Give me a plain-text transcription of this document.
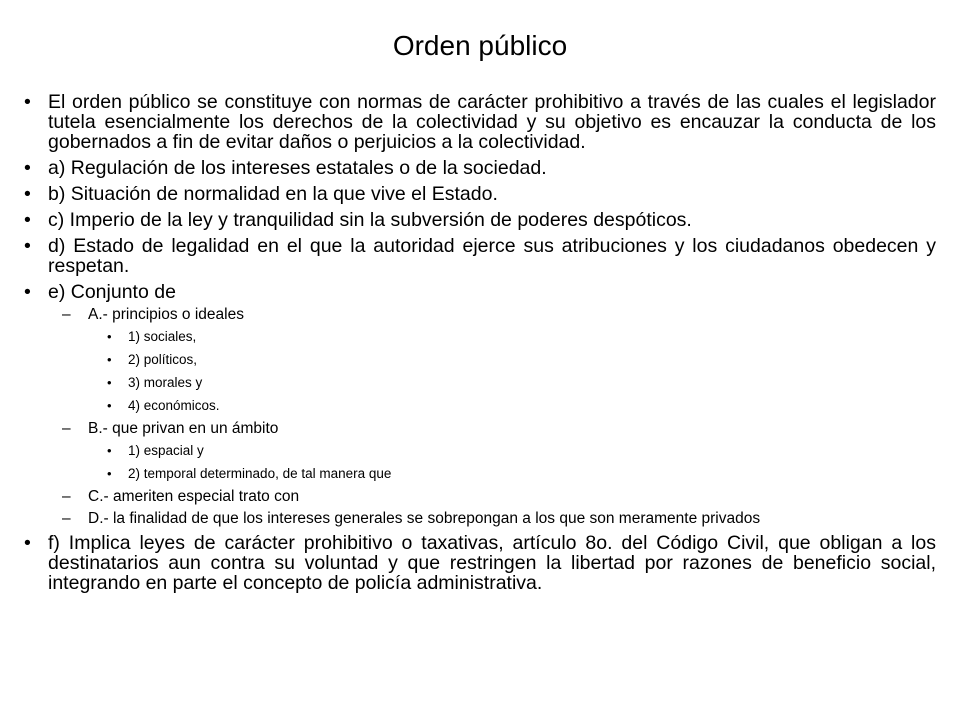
Orden público
• El orden público se constituye con normas de carácter prohibitivo a través de las cuales el legislador tutela esencialmente los derechos de la colectividad y su objetivo es encauzar la conducta de los gobernados a fin de evitar daños o perjuicios a la colectividad.
• a) Regulación de los intereses estatales o de la sociedad.
• b) Situación de normalidad en la que vive el Estado.
• c) Imperio de la ley y tranquilidad sin la subversión de poderes despóticos.
• d) Estado de legalidad en el que la autoridad ejerce sus atribuciones y los ciudadanos obedecen y respetan.
• e) Conjunto de
– A.- principios o ideales
• 1) sociales,
• 2) políticos,
• 3) morales y
• 4) económicos.
– B.- que privan en un ámbito
• 1) espacial y
• 2) temporal determinado, de tal manera que
– C.- ameriten especial trato con
– D.- la finalidad de que los intereses generales se sobrepongan a los que son meramente privados
• f) Implica leyes de carácter prohibitivo o taxativas, artículo 8o. del Código Civil, que obligan a los destinatarios aun contra su voluntad y que restringen la libertad por razones de beneficio social, integrando en parte el concepto de policía administrativa.
